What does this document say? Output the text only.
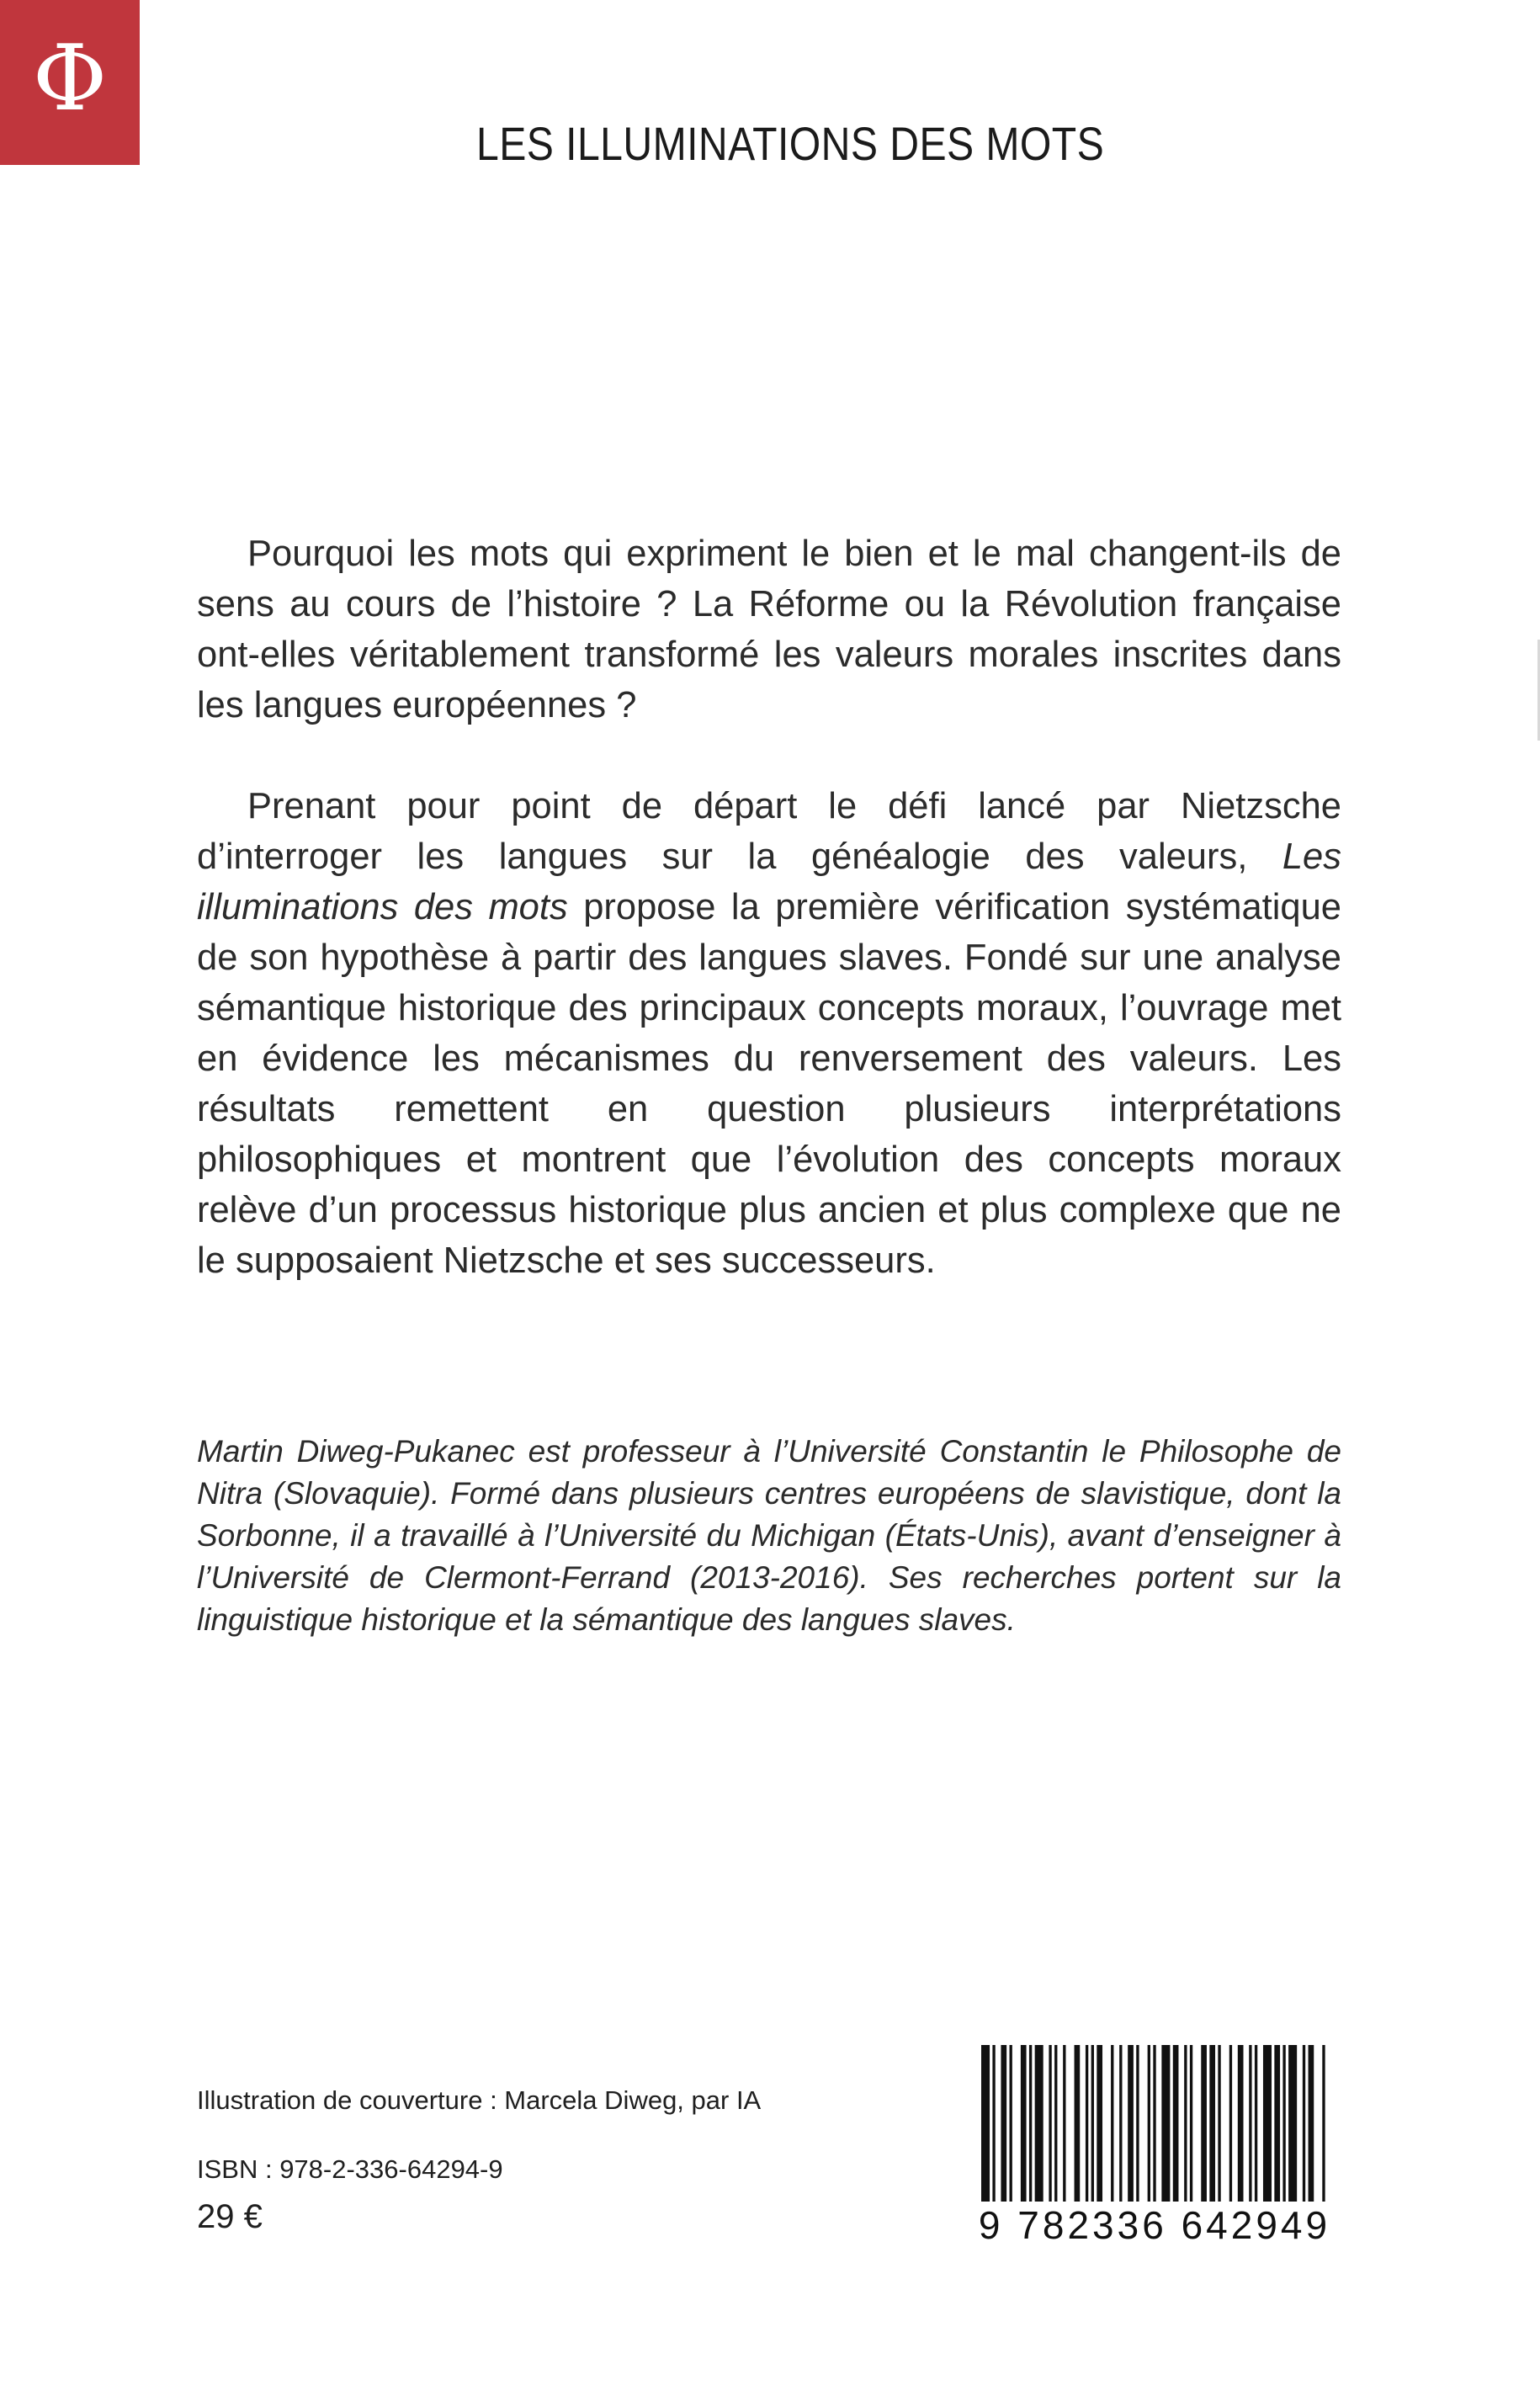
Φ
LES ILLUMINATIONS DES MOTS

Pourquoi les mots qui expriment le bien et le mal changent-ils de sens au cours de l’histoire ? La Réforme ou la Révolution française ont-elles véritablement transformé les valeurs morales inscrites dans les langues européennes ?

Prenant pour point de départ le défi lancé par Nietzsche d’interroger les langues sur la généalogie des valeurs, Les illuminations des mots propose la première vérification systématique de son hypothèse à partir des langues slaves. Fondé sur une analyse sémantique historique des principaux concepts moraux, l’ouvrage met en évidence les mécanismes du renversement des valeurs. Les résultats remettent en question plusieurs interprétations philosophiques et montrent que l’évolution des concepts moraux relève d’un processus historique plus ancien et plus complexe que ne le supposaient Nietzsche et ses successeurs.

Martin Diweg-Pukanec est professeur à l’Université Constantin le Philosophe de Nitra (Slovaquie). Formé dans plusieurs centres européens de slavistique, dont la Sorbonne, il a travaillé à l’Université du Michigan (États-Unis), avant d’enseigner à l’Université de Clermont-Ferrand (2013-2016). Ses recherches portent sur la linguistique historique et la sémantique des langues slaves.
Illustration de couverture : Marcela Diweg, par IA
ISBN : 978-2-336-64294-9
29 €	9 782336 642949
